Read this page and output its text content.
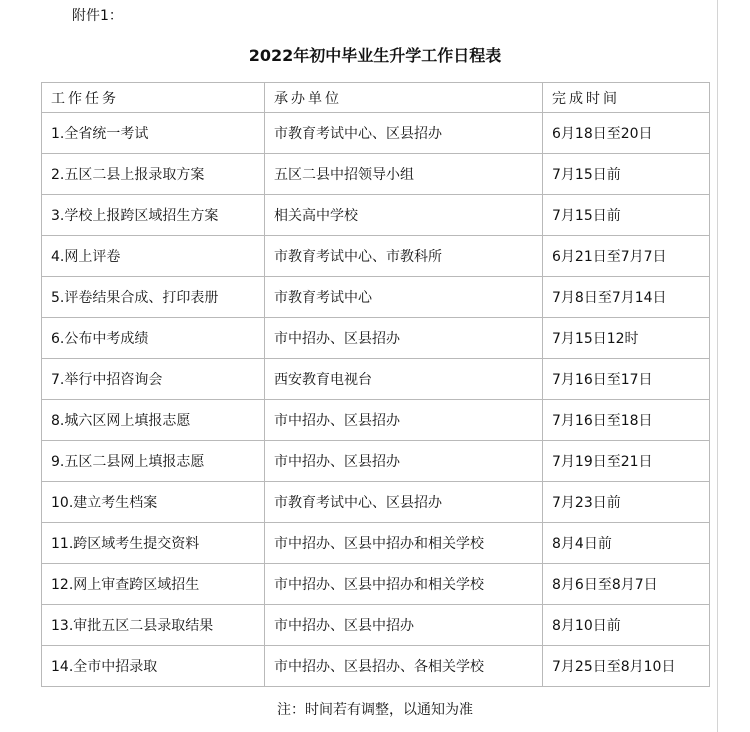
附件1：
2022年初中毕业生升学工作日程表
工作任务	承办单位	完成时间
1.全省统一考试	市教育考试中心、区县招办	6月18日至20日
2.五区二县上报录取方案	五区二县中招领导小组	7月15日前
3.学校上报跨区域招生方案	相关高中学校	7月15日前
4.网上评卷	市教育考试中心、市教科所	6月21日至7月7日
5.评卷结果合成、打印表册	市教育考试中心	7月8日至7月14日
6.公布中考成绩	市中招办、区县招办	7月15日12时
7.举行中招咨询会	西安教育电视台	7月16日至17日
8.城六区网上填报志愿	市中招办、区县招办	7月16日至18日
9.五区二县网上填报志愿	市中招办、区县招办	7月19日至21日
10.建立考生档案	市教育考试中心、区县招办	7月23日前
11.跨区域考生提交资料	市中招办、区县中招办和相关学校	8月4日前
12.网上审查跨区域招生	市中招办、区县中招办和相关学校	8月6日至8月7日
13.审批五区二县录取结果	市中招办、区县中招办	8月10日前
14.全市中招录取	市中招办、区县招办、各相关学校	7月25日至8月10日
注：时间若有调整，以通知为准
